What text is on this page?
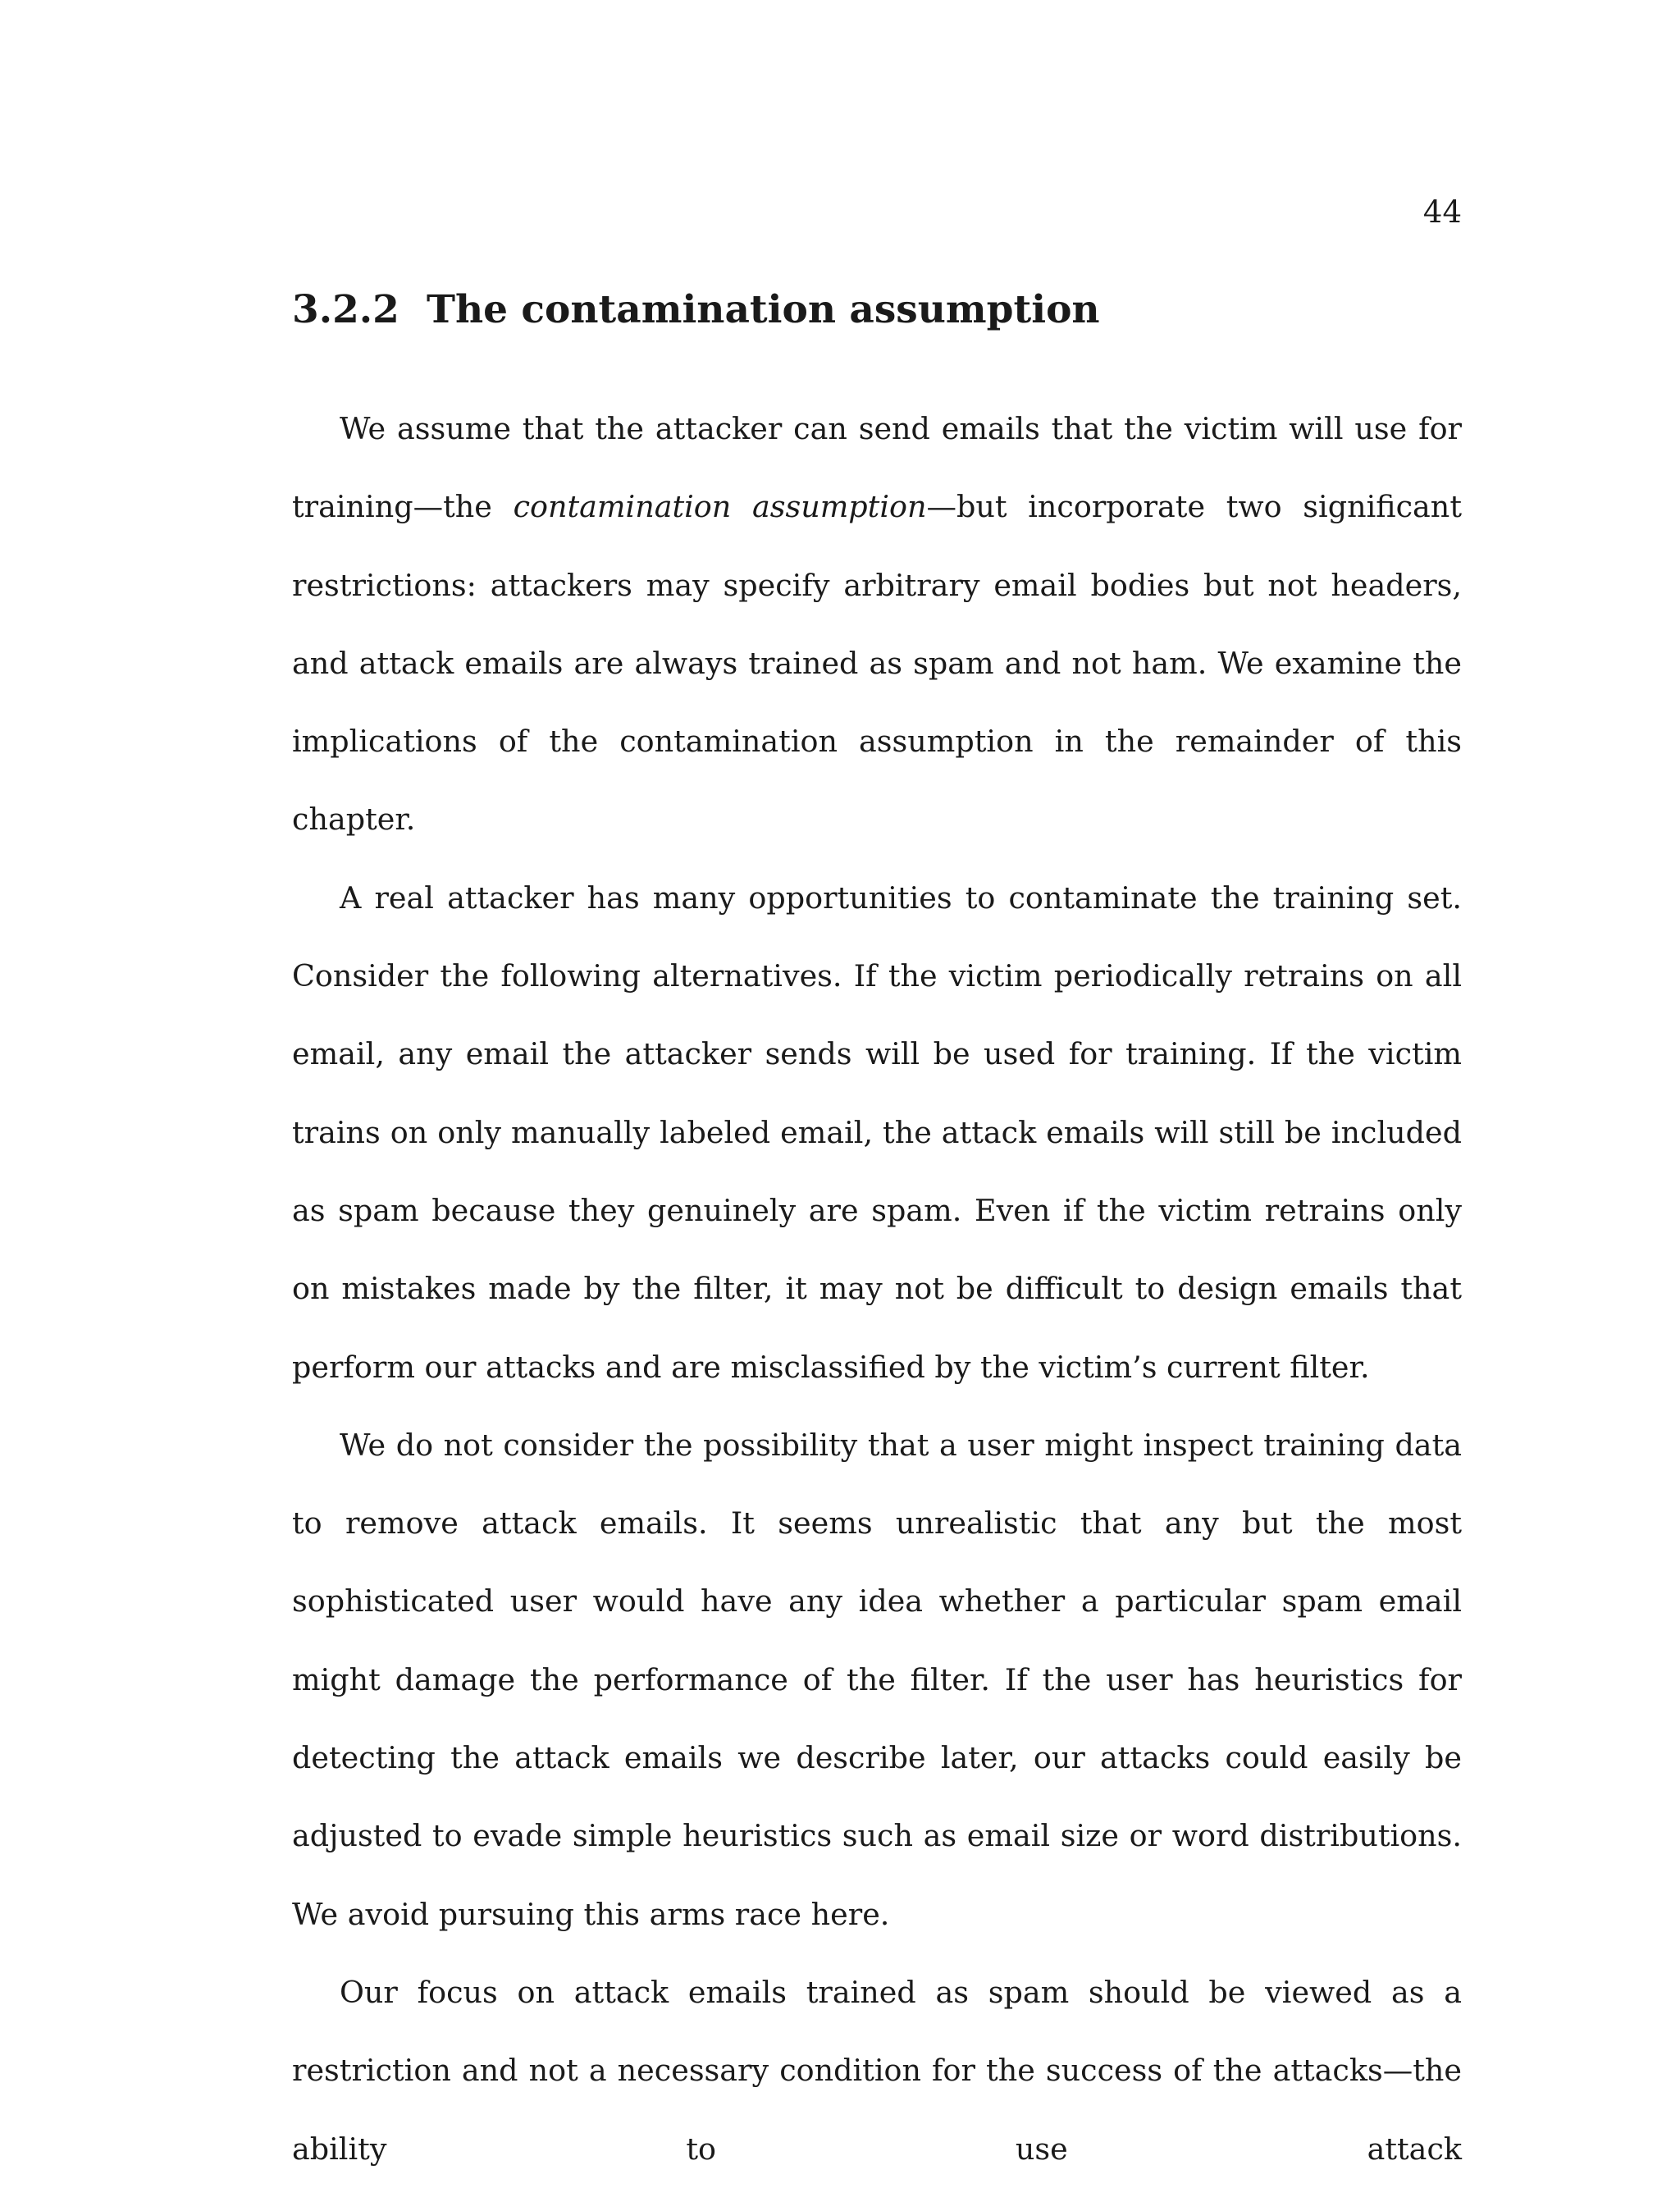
44
3.2.2 The contamination assumption

We assume that the attacker can send emails that the victim will use for training—the contamination assumption—but incorporate two significant restrictions: attackers may specify arbitrary email bodies but not headers, and attack emails are always trained as spam and not ham. We examine the implications of the contamination assumption in the remainder of this chapter.

A real attacker has many opportunities to contaminate the training set. Consider the following alternatives. If the victim periodically retrains on all email, any email the attacker sends will be used for training. If the victim trains on only manually labeled email, the attack emails will still be included as spam because they genuinely are spam. Even if the victim retrains only on mistakes made by the filter, it may not be difficult to design emails that perform our attacks and are misclassified by the victim’s current filter.

We do not consider the possibility that a user might inspect training data to remove attack emails. It seems unrealistic that any but the most sophisticated user would have any idea whether a particular spam email might damage the performance of the filter. If the user has heuristics for detecting the attack emails we describe later, our attacks could easily be adjusted to evade simple heuristics such as email size or word distributions. We avoid pursuing this arms race here.

Our focus on attack emails trained as spam should be viewed as a restriction and not a necessary condition for the success of the attacks—the ability to use attack
